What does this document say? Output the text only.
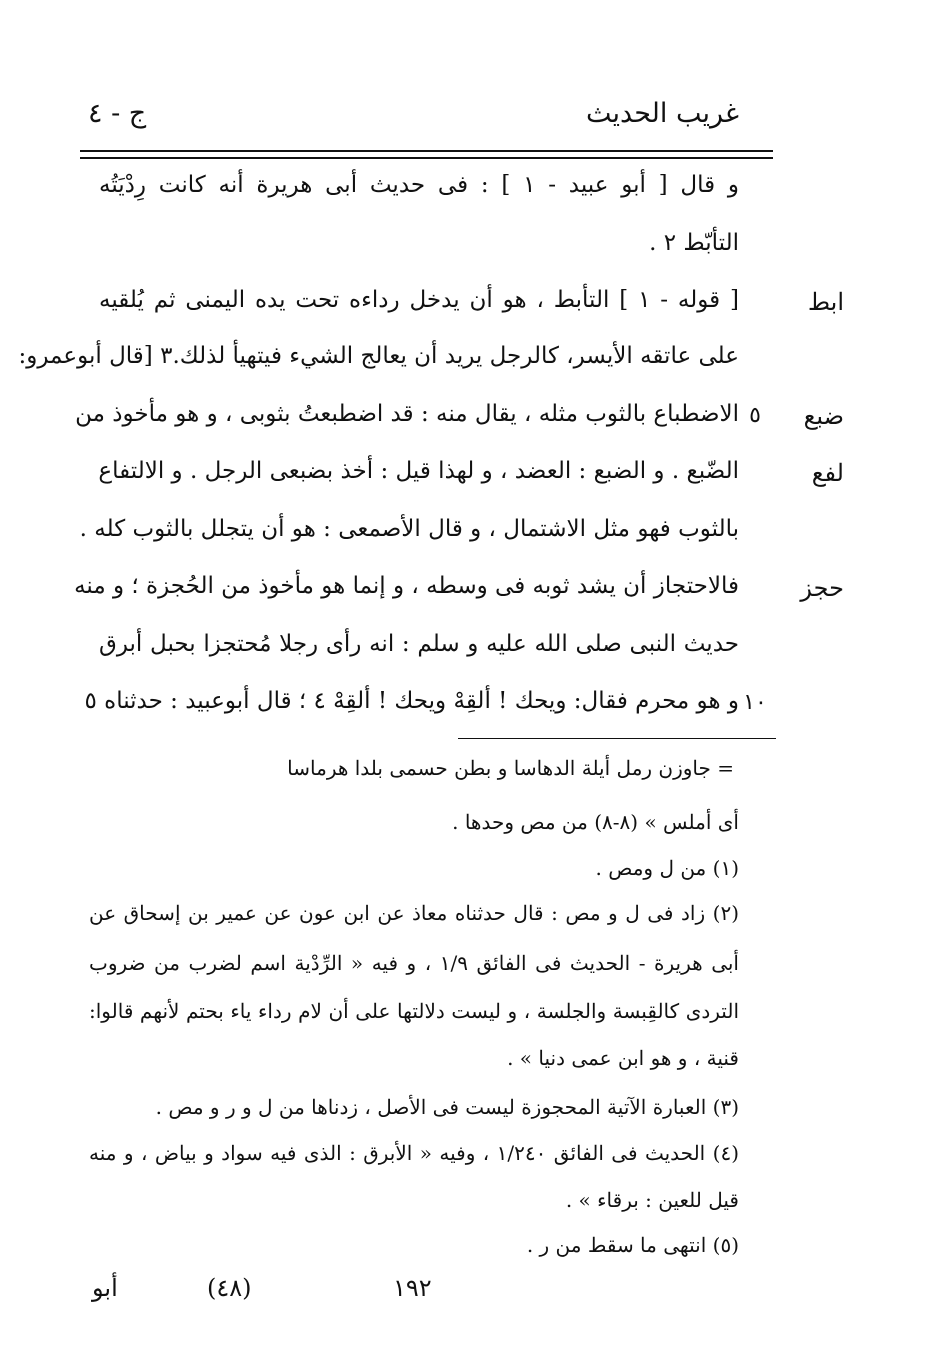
غريب الحديث
ج - ٤
و قال [ أبو عبيد - ١ ] : فى حديث أبى هريرة أنه كانت رِدْيَتُه
التأبّط ٢ .
[ قوله - ١ ] التأبط ، هو أن يدخل رداءه تحت يده اليمنى ثم يُلقيه
على عاتقه الأيسر، كالرجل يريد أن يعالج الشيء فيتهيأ لذلك.٣ [قال أبوعمرو:
الاضطباع بالثوب مثله ، يقال منه : قد اضطبعتُ بثوبى ، و هو مأخوذ من
الضّبع . و الضبع : العضد ، و لهذا قيل : أخذ بضبعى الرجل . و الالتفاع
بالثوب فهو مثل الاشتمال ، و قال الأصمعى : هو أن يتجلل بالثوب كله .
فالاحتجاز أن يشد ثوبه فى وسطه ، و إنما هو مأخوذ من الحُجزة ؛ و منه
حديث النبى صلى الله عليه و سلم : انه رأى رجلا مُحتجزا بحبل أبرق
و هو محرم فقال: ويحك ! ألقِهْ ويحك ! ألقِهْ ٤ ؛ قال أبوعبيد : حدثناه ٥
ابط
ضبع
لفع
حجز
٥
١٠
= جاوزن رمل أيلة الدهاسا و بطن حسمى بلدا هرماسا
أى أملس » (٨-٨) من مص وحدها .
(١) من ل ومص .
(٢) زاد فى ل و مص : قال حدثناه معاذ عن ابن عون عن عمير بن إسحاق عن
أبى هريرة - الحديث فى الفائق ١/٩ ، و فيه « الرِّدْية اسم لضرب من ضروب
التردى كالقِبسة والجلسة ، و ليست دلالتها على أن لام رداء ياء بحتم لأنهم قالوا:
قنية ، و هو ابن عمى دنيا » .
(٣) العبارة الآتية المحجوزة ليست فى الأصل ، زدناها من ل و ر و مص .
(٤) الحديث فى الفائق ١/٢٤٠ ، وفيه « الأبرق : الذى فيه سواد و بياض ، و منه
قيل للعين : برقاء » .
(٥) انتهى ما سقط من ر .
أبو	(٤٨)	١٩٢
